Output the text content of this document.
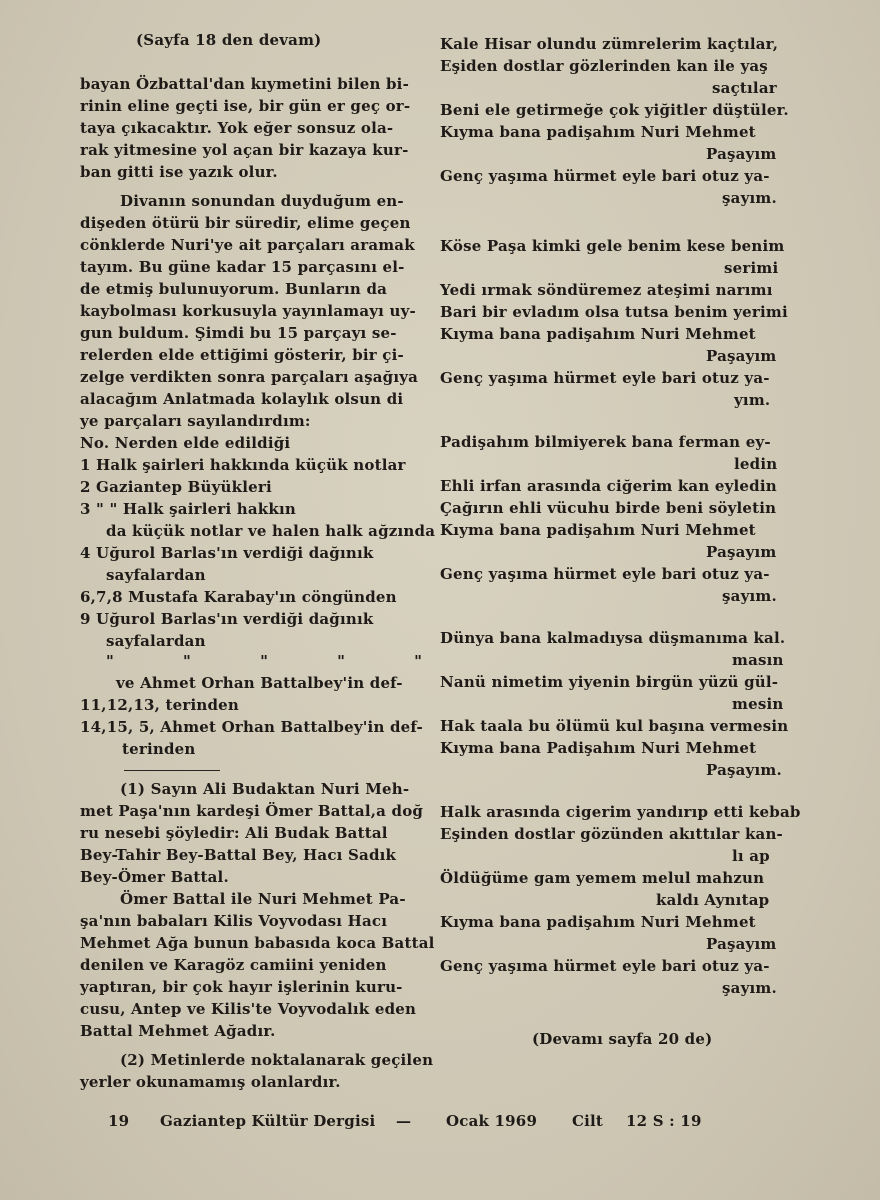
(Sayfa 18 den devam)
bayan Özbattal'dan kıymetini bilen bi-
rinin eline geçti ise, bir gün er geç or-
taya çıkacaktır. Yok eğer sonsuz ola-
rak yitmesine yol açan bir kazaya kur-
ban gitti ise yazık olur.
Divanın sonundan duyduğum en-
dişeden ötürü bir süredir, elime geçen
cönklerde Nuri'ye ait parçaları aramak
tayım. Bu güne kadar 15 parçasını el-
de etmiş bulunuyorum. Bunların da
kaybolması korkusuyla yayınlamayı uy-
gun buldum. Şimdi bu 15 parçayı se-
relerden elde ettiğimi gösterir, bir çi-
zelge verdikten sonra parçaları aşağıya
alacağım Anlatmada kolaylık olsun di
ye parçaları sayılandırdım:
No. Nerden elde edildiği
1 Halk şairleri hakkında küçük notlar
2 Gaziantep Büyükleri
3 " " Halk şairleri hakkın
da küçük notlar ve halen halk ağzında
4 Uğurol Barlas'ın verdiği dağınık
sayfalardan
6,7,8 Mustafa Karabay'ın cöngünden
9 Uğurol Barlas'ın verdiği dağınık
sayfalardan
" " " " "
ve Ahmet Orhan Battalbey'in def-
11,12,13, terinden
14,15, 5, Ahmet Orhan Battalbey'in def-
terinden
(1) Sayın Ali Budaktan Nuri Meh-
met Paşa'nın kardeşi Ömer Battal,a doğ
ru nesebi şöyledir: Ali Budak Battal
Bey-Tahir Bey-Battal Bey, Hacı Sadık
Bey-Ömer Battal.
Ömer Battal ile Nuri Mehmet Pa-
şa'nın babaları Kilis Voyvodası Hacı
Mehmet Ağa bunun babasıda koca Battal
denilen ve Karagöz camiini yeniden
yaptıran, bir çok hayır işlerinin kuru-
cusu, Antep ve Kilis'te Voyvodalık eden
Battal Mehmet Ağadır.
(2) Metinlerde noktalanarak geçilen
yerler okunamamış olanlardır.
Kale Hisar olundu zümrelerim kaçtılar,
Eşiden dostlar gözlerinden kan ile yaş
saçtılar
Beni ele getirmeğe çok yiğitler düştüler.
Kıyma bana padişahım Nuri Mehmet
Paşayım
Genç yaşıma hürmet eyle bari otuz ya-
şayım.
Köse Paşa kimki gele benim kese benim
serimi
Yedi ırmak söndüremez ateşimi narımı
Bari bir evladım olsa tutsa benim yerimi
Kıyma bana padişahım Nuri Mehmet
Paşayım
Genç yaşıma hürmet eyle bari otuz ya-
yım.
Padişahım bilmiyerek bana ferman ey-
ledin
Ehli irfan arasında ciğerim kan eyledin
Çağırın ehli vücuhu birde beni söyletin
Kıyma bana padişahım Nuri Mehmet
Paşayım
Genç yaşıma hürmet eyle bari otuz ya-
şayım.
Dünya bana kalmadıysa düşmanıma kal.
masın
Nanü nimetim yiyenin birgün yüzü gül-
mesin
Hak taala bu ölümü kul başına vermesin
Kıyma bana Padişahım Nuri Mehmet
Paşayım.
Halk arasında cigerim yandırıp etti kebab
Eşinden dostlar gözünden akıttılar kan-
lı ap
Öldüğüme gam yemem melul mahzun
kaldı Aynıtap
Kıyma bana padişahım Nuri Mehmet
Paşayım
Genç yaşıma hürmet eyle bari otuz ya-
şayım.
(Devamı sayfa 20 de)
19 Gaziantep Kültür Dergisi — Ocak 1969 Cilt 12 S : 19
